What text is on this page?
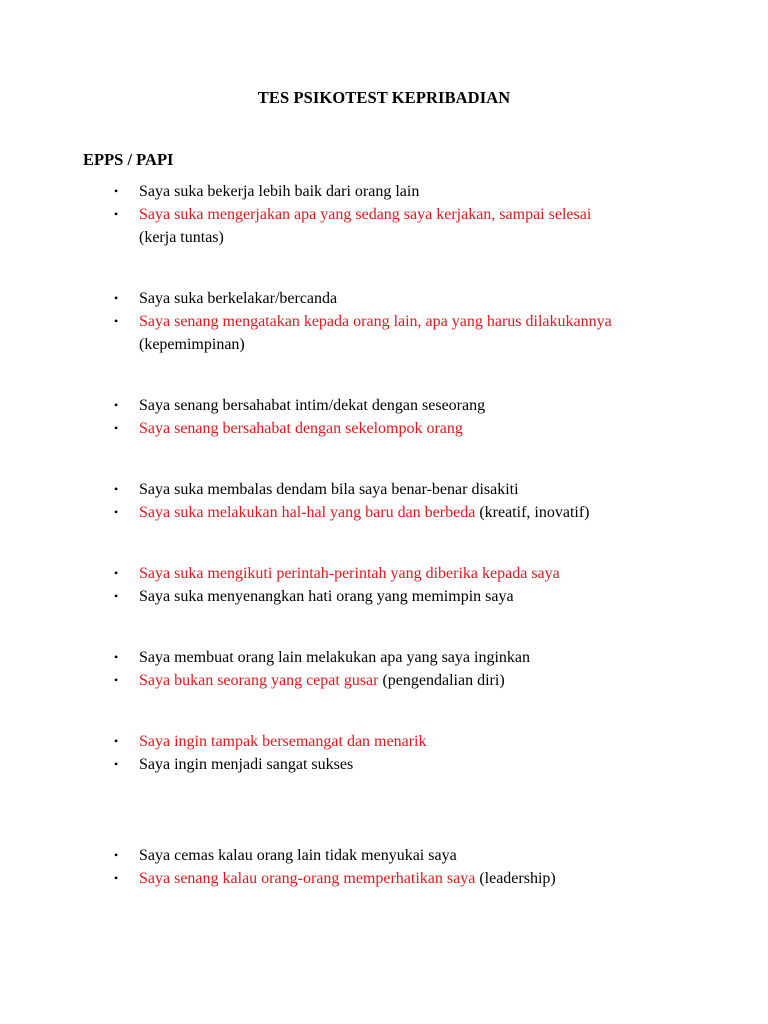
TES PSIKOTEST KEPRIBADIAN
EPPS / PAPI
•	Saya suka bekerja lebih baik dari orang lain
•	Saya suka mengerjakan apa yang sedang saya kerjakan, sampai selesai
(kerja tuntas)
•	Saya suka berkelakar/bercanda
•	Saya senang mengatakan kepada orang lain, apa yang harus dilakukannya
(kepemimpinan)
•	Saya senang bersahabat intim/dekat dengan seseorang
•	Saya senang bersahabat dengan sekelompok orang
•	Saya suka membalas dendam bila saya benar-benar disakiti
•	Saya suka melakukan hal-hal yang baru dan berbeda (kreatif, inovatif)
•	Saya suka mengikuti perintah-perintah yang diberika kepada saya
•	Saya suka menyenangkan hati orang yang memimpin saya
•	Saya membuat orang lain melakukan apa yang saya inginkan
•	Saya bukan seorang yang cepat gusar (pengendalian diri)
•	Saya ingin tampak bersemangat dan menarik
•	Saya ingin menjadi sangat sukses
•	Saya cemas kalau orang lain tidak menyukai saya
•	Saya senang kalau orang-orang memperhatikan saya (leadership)
